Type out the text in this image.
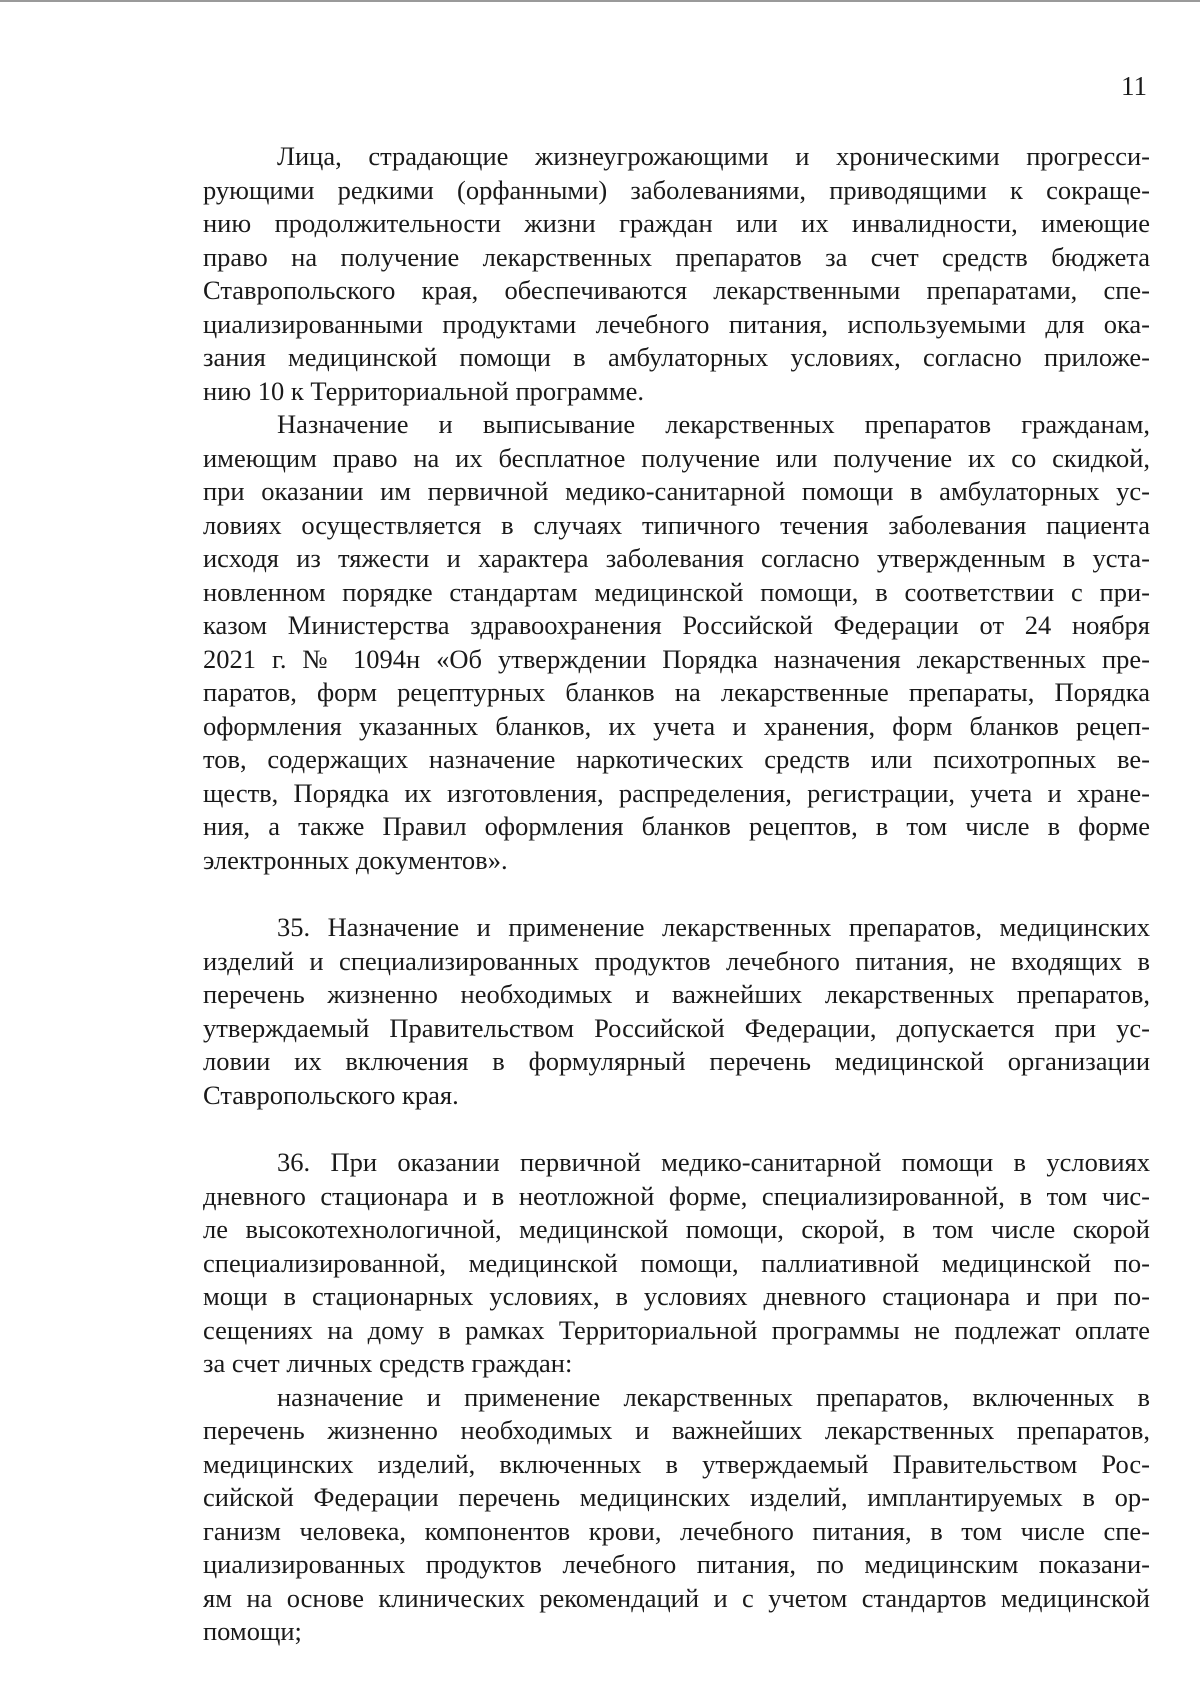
11
Лица, страдающие жизнеугрожающими и хроническими прогресси-
рующими редкими (орфанными) заболеваниями, приводящими к сокраще-
нию продолжительности жизни граждан или их инвалидности, имеющие
право на получение лекарственных препаратов за счет средств бюджета
Ставропольского края, обеспечиваются лекарственными препаратами, спе-
циализированными продуктами лечебного питания, используемыми для ока-
зания медицинской помощи в амбулаторных условиях, согласно приложе-
нию 10 к Территориальной программе.
Назначение и выписывание лекарственных препаратов гражданам,
имеющим право на их бесплатное получение или получение их со скидкой,
при оказании им первичной медико-санитарной помощи в амбулаторных ус-
ловиях осуществляется в случаях типичного течения заболевания пациента
исходя из тяжести и характера заболевания согласно утвержденным в уста-
новленном порядке стандартам медицинской помощи, в соответствии с при-
казом Министерства здравоохранения Российской Федерации от 24 ноября
2021 г. № 1094н «Об утверждении Порядка назначения лекарственных пре-
паратов, форм рецептурных бланков на лекарственные препараты, Порядка
оформления указанных бланков, их учета и хранения, форм бланков рецеп-
тов, содержащих назначение наркотических средств или психотропных ве-
ществ, Порядка их изготовления, распределения, регистрации, учета и хране-
ния, а также Правил оформления бланков рецептов, в том числе в форме
электронных документов».
35. Назначение и применение лекарственных препаратов, медицинских
изделий и специализированных продуктов лечебного питания, не входящих в
перечень жизненно необходимых и важнейших лекарственных препаратов,
утверждаемый Правительством Российской Федерации, допускается при ус-
ловии их включения в формулярный перечень медицинской организации
Ставропольского края.
36. При оказании первичной медико-санитарной помощи в условиях
дневного стационара и в неотложной форме, специализированной, в том чис-
ле высокотехнологичной, медицинской помощи, скорой, в том числе скорой
специализированной, медицинской помощи, паллиативной медицинской по-
мощи в стационарных условиях, в условиях дневного стационара и при по-
сещениях на дому в рамках Территориальной программы не подлежат оплате
за счет личных средств граждан:
назначение и применение лекарственных препаратов, включенных в
перечень жизненно необходимых и важнейших лекарственных препаратов,
медицинских изделий, включенных в утверждаемый Правительством Рос-
сийской Федерации перечень медицинских изделий, имплантируемых в ор-
ганизм человека, компонентов крови, лечебного питания, в том числе спе-
циализированных продуктов лечебного питания, по медицинским показани-
ям на основе клинических рекомендаций и с учетом стандартов медицинской
помощи;
